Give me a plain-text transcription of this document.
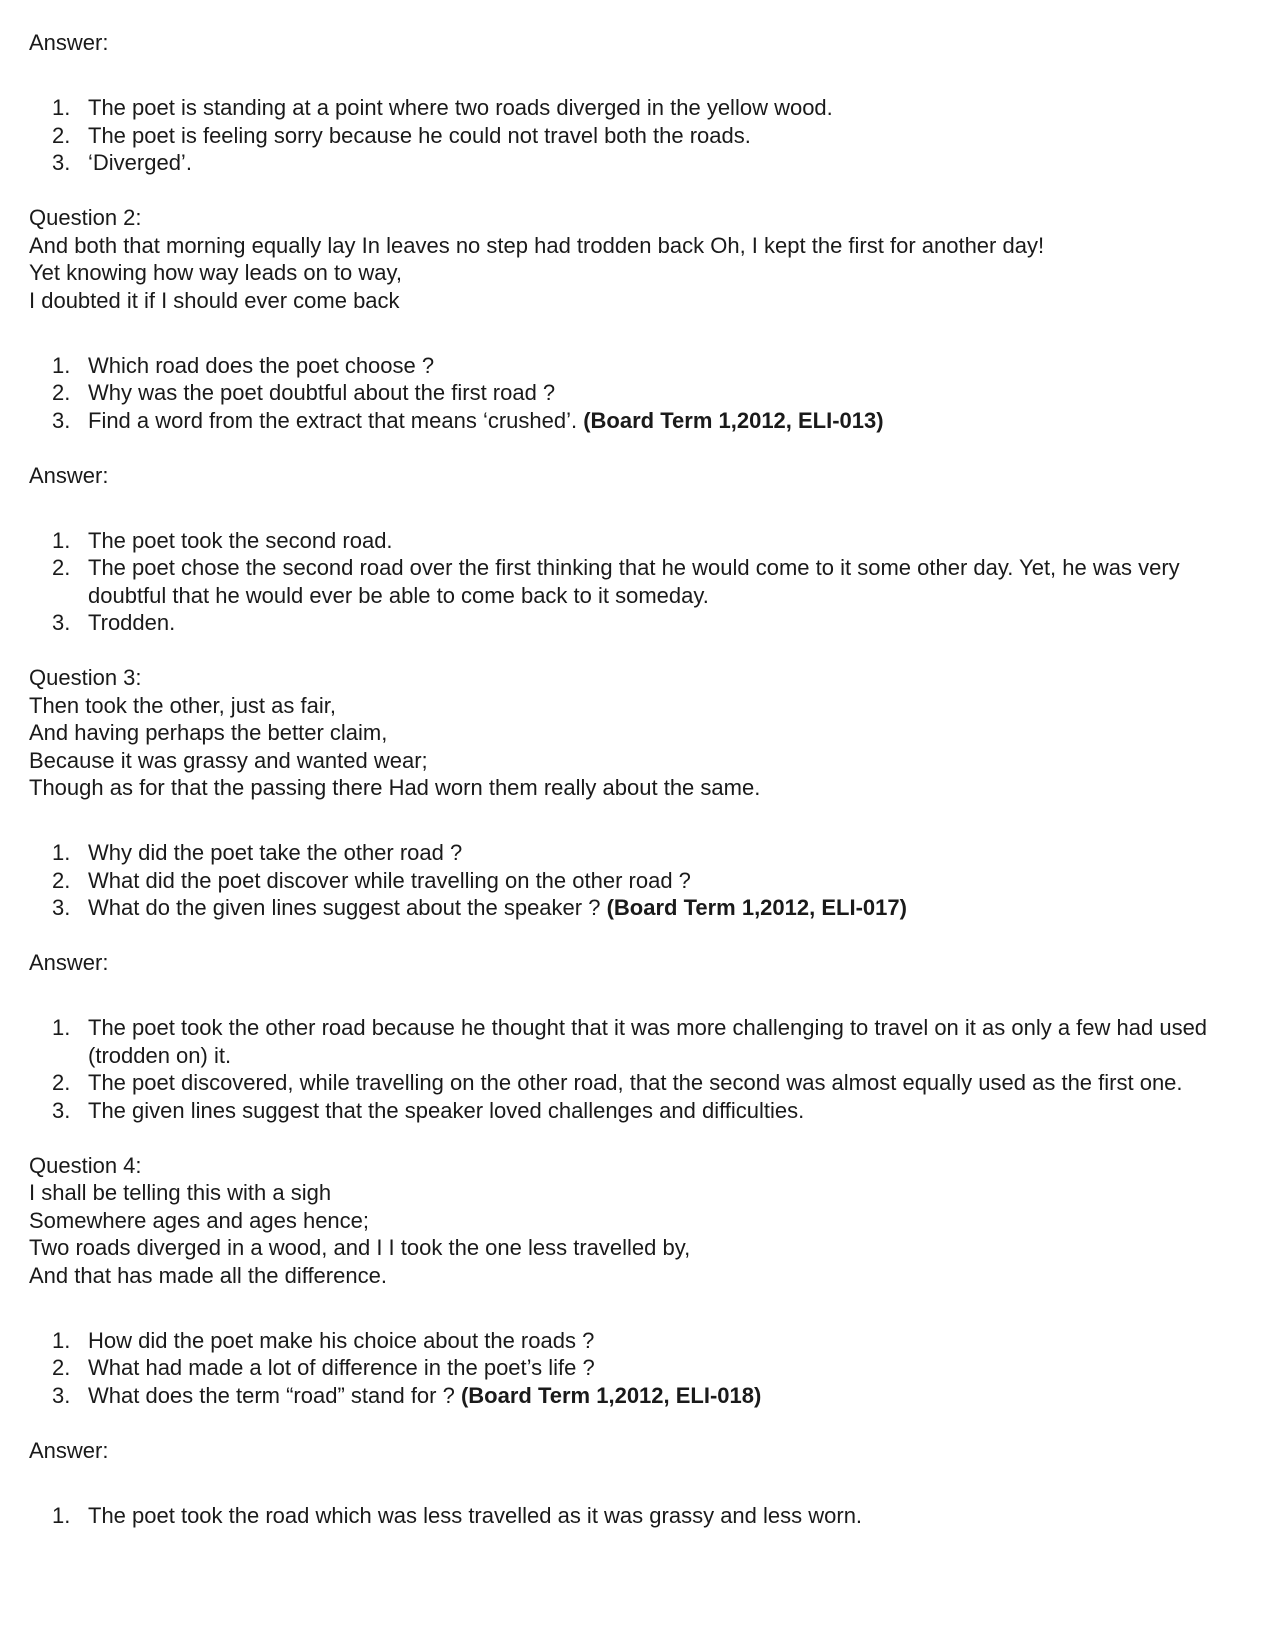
Answer:

1. The poet is standing at a point where two roads diverged in the yellow wood.
2. The poet is feeling sorry because he could not travel both the roads.
3. ‘Diverged’.

Question 2:

And both that morning equally lay In leaves no step had trodden back Oh, I kept the first for another day!

Yet knowing how way leads on to way,

I doubted it if I should ever come back

1. Which road does the poet choose ?
2. Why was the poet doubtful about the first road ?
3. Find a word from the extract that means ‘crushed’. (Board Term 1,2012, ELI-013)

Answer:

1. The poet took the second road.
2. The poet chose the second road over the first thinking that he would come to it some other day. Yet, he was very doubtful that he would ever be able to come back to it someday.
3. Trodden.

Question 3:

Then took the other, just as fair,

And having perhaps the better claim,

Because it was grassy and wanted wear;

Though as for that the passing there Had worn them really about the same.

1. Why did the poet take the other road ?
2. What did the poet discover while travelling on the other road ?
3. What do the given lines suggest about the speaker ? (Board Term 1,2012, ELI-017)

Answer:

1. The poet took the other road because he thought that it was more challenging to travel on it as only a few had used (trodden on) it.
2. The poet discovered, while travelling on the other road, that the second was almost equally used as the first one.
3. The given lines suggest that the speaker loved challenges and difficulties.

Question 4:

I shall be telling this with a sigh

Somewhere ages and ages hence;

Two roads diverged in a wood, and I I took the one less travelled by,

And that has made all the difference.

1. How did the poet make his choice about the roads ?
2. What had made a lot of difference in the poet’s life ?
3. What does the term “road” stand for ? (Board Term 1,2012, ELI-018)

Answer:

1. The poet took the road which was less travelled as it was grassy and less worn.
